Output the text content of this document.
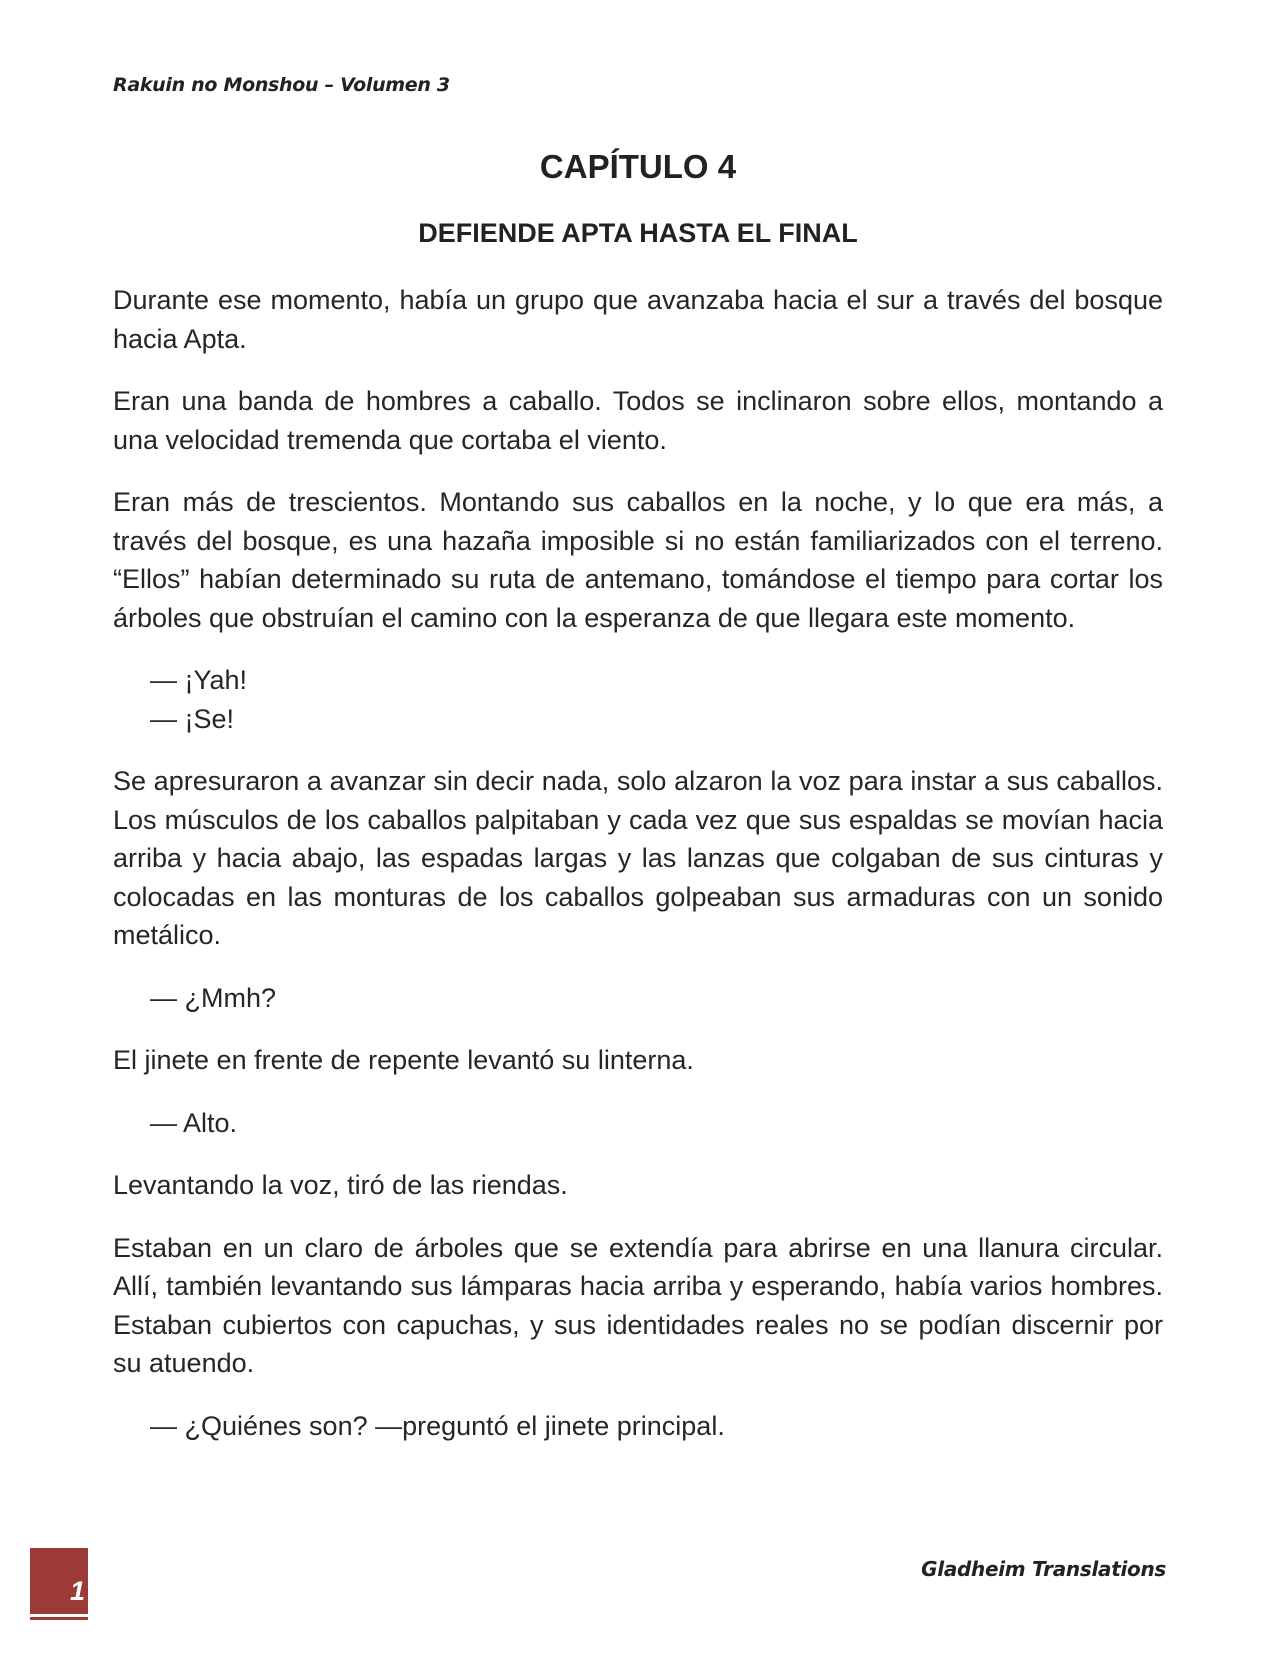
Rakuin no Monshou – Volumen 3
CAPÍTULO 4
DEFIENDE APTA HASTA EL FINAL

Durante ese momento, había un grupo que avanzaba hacia el sur a través del bosque hacia Apta.

Eran una banda de hombres a caballo. Todos se inclinaron sobre ellos, montando a una velocidad tremenda que cortaba el viento.

Eran más de trescientos. Montando sus caballos en la noche, y lo que era más, a través del bosque, es una hazaña imposible si no están familiarizados con el terreno. “Ellos” habían determinado su ruta de antemano, tomándose el tiempo para cortar los árboles que obstruían el camino con la esperanza de que llegara este momento.

— ¡Yah!
— ¡Se!

Se apresuraron a avanzar sin decir nada, solo alzaron la voz para instar a sus caballos. Los músculos de los caballos palpitaban y cada vez que sus espaldas se movían hacia arriba y hacia abajo, las espadas largas y las lanzas que colgaban de sus cinturas y colocadas en las monturas de los caballos golpeaban sus armaduras con un sonido metálico.

— ¿Mmh?

El jinete en frente de repente levantó su linterna.

— Alto.

Levantando la voz, tiró de las riendas.

Estaban en un claro de árboles que se extendía para abrirse en una llanura circular. Allí, también levantando sus lámparas hacia arriba y esperando, había varios hombres. Estaban cubiertos con capuchas, y sus identidades reales no se podían discernir por su atuendo.

— ¿Quiénes son? —preguntó el jinete principal.

1
Gladheim Translations
